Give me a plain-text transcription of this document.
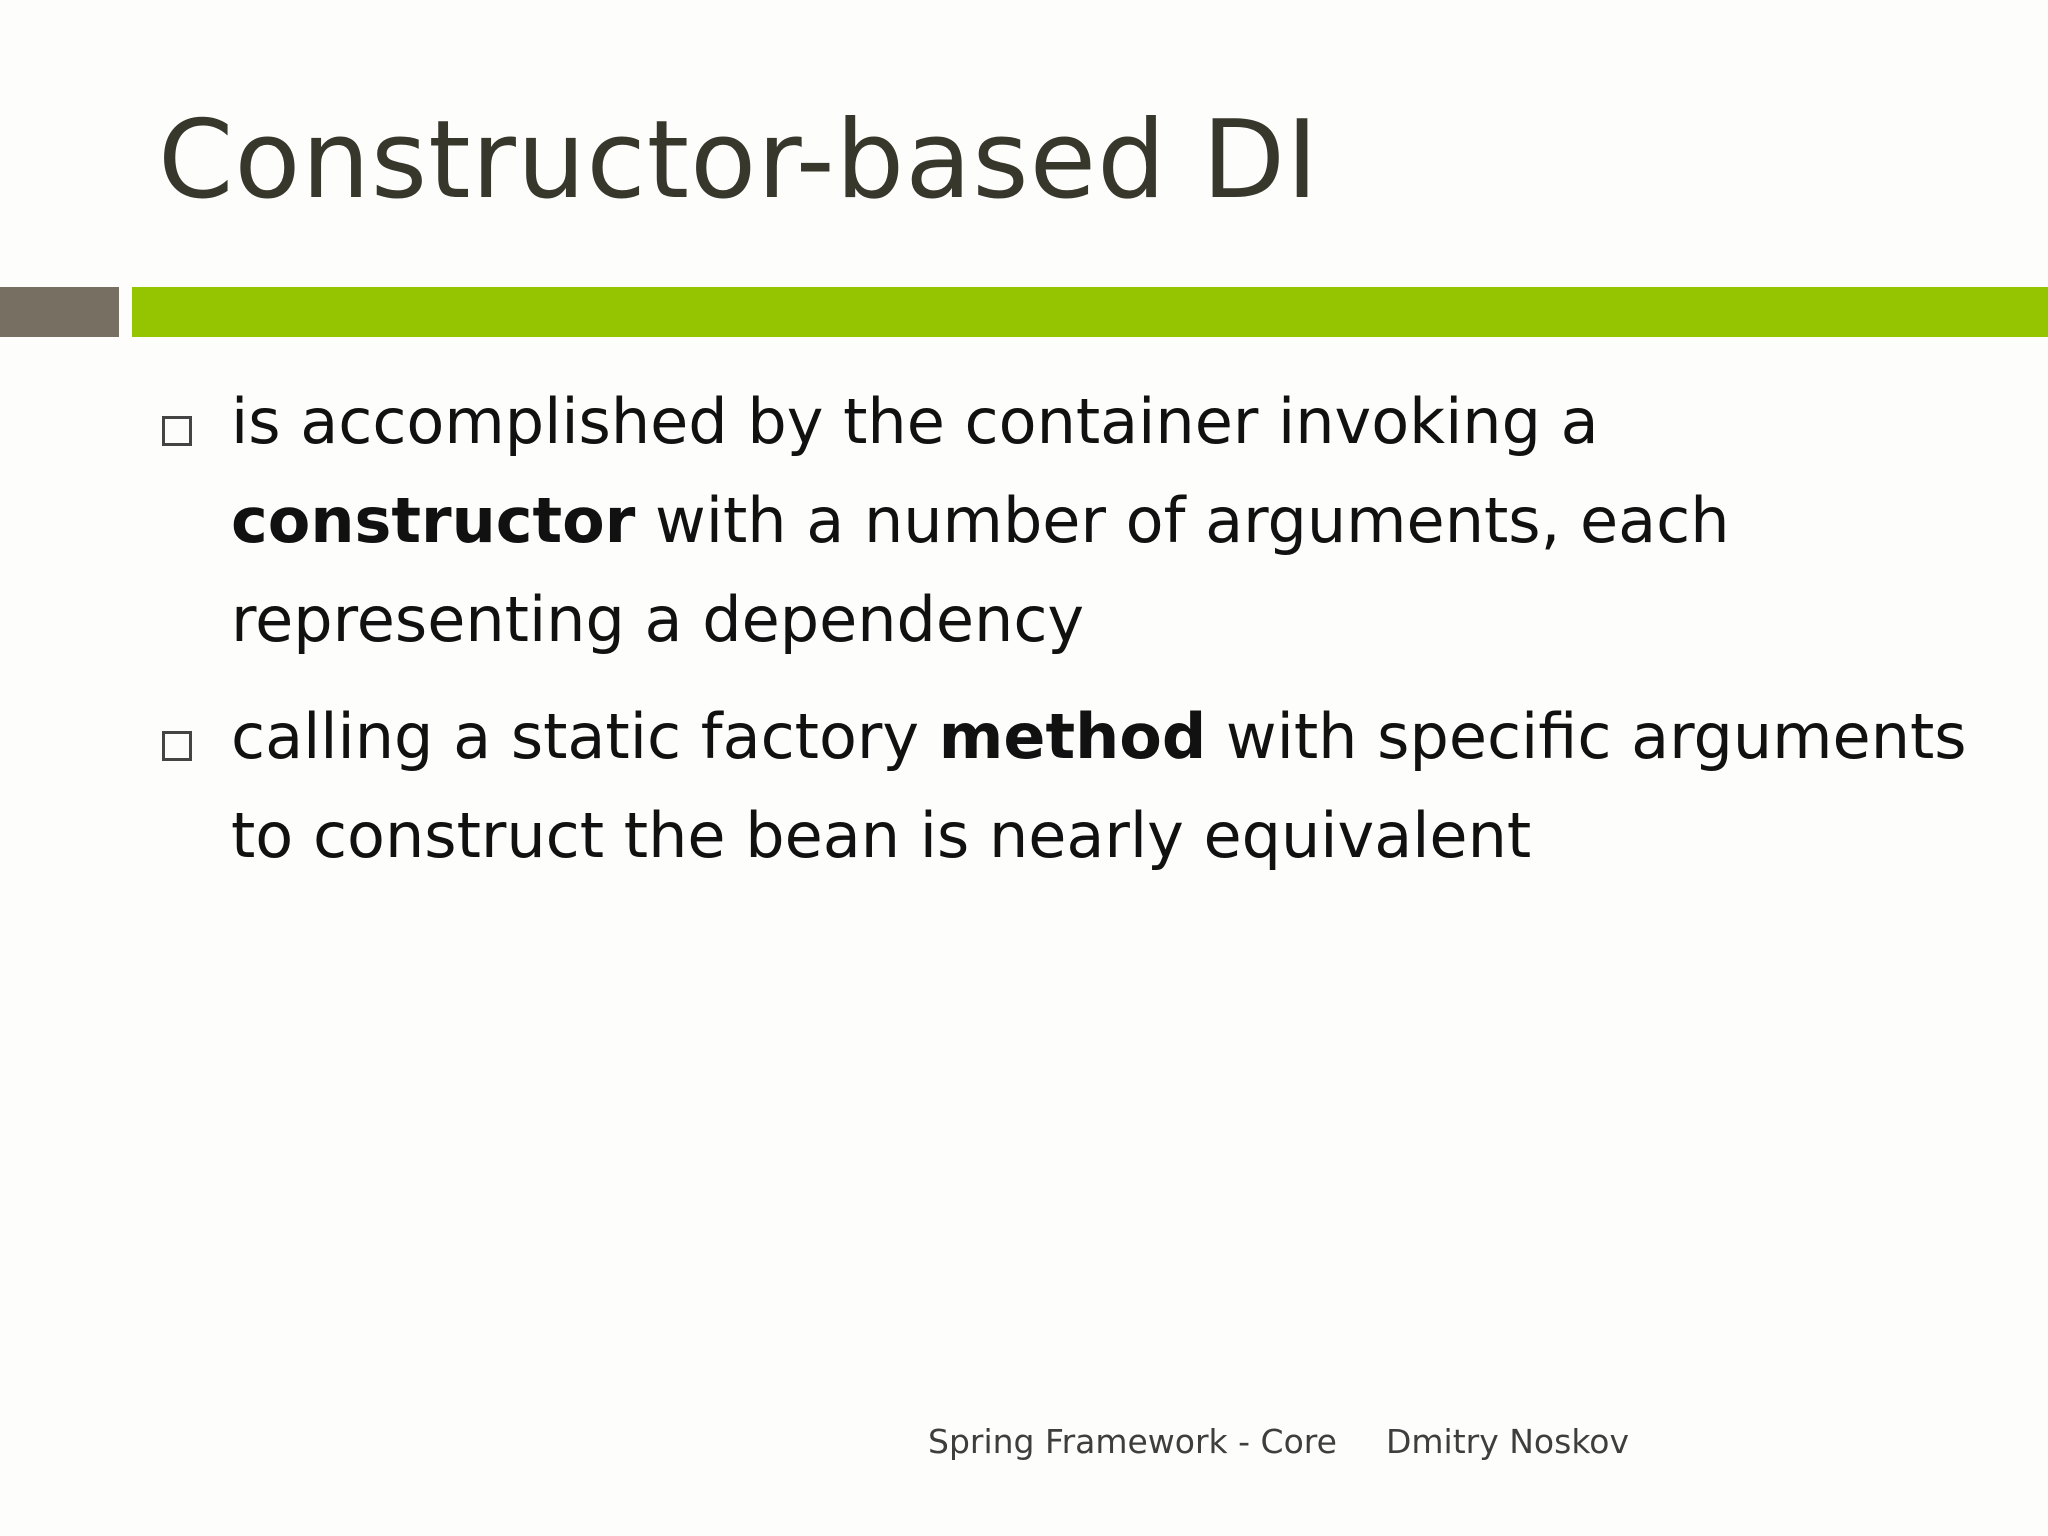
Constructor-based DI
is accomplished by the container invoking a constructor with a number of arguments, each representing a dependency
calling a static factory method with specific arguments to construct the bean is nearly equivalent
Spring Framework - Core Dmitry Noskov
